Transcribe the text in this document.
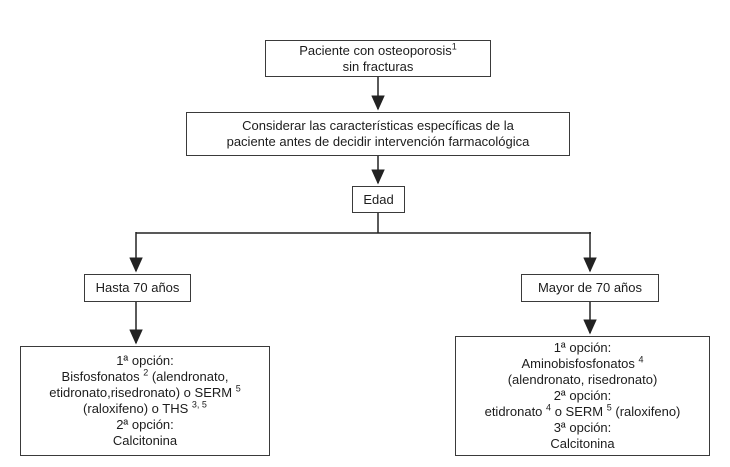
Paciente con osteoporosis$^1$
sin fracturas
Considerar las características específicas de la
paciente antes de decidir intervención farmacológica
Edad
Hasta 70 años	Mayor de 70 años
1ª opción:
Bisfosfonatos $^2$ (alendronato,
etidronato,risedronato) o SERM $^5$
(raloxifeno) o THS $^{3, 5}$
2ª opción:
Calcitonina
1ª opción:
Aminobisfosfonatos $^4$
(alendronato, risedronato)
2ª opción:
etidronato $^4$ o SERM $^5$ (raloxifeno)
3ª opción:
Calcitonina
